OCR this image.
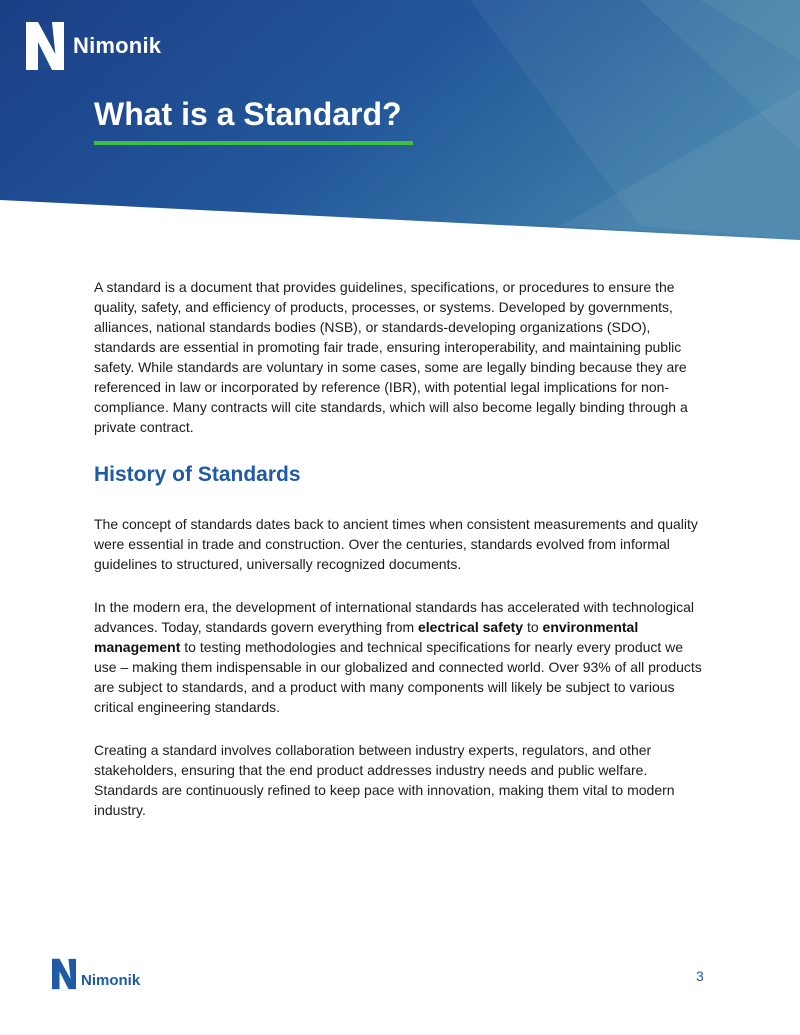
Nimonik
What is a Standard?

A standard is a document that provides guidelines, specifications, or procedures to ensure the quality, safety, and efficiency of products, processes, or systems. Developed by governments, alliances, national standards bodies (NSB), or standards-developing organizations (SDO), standards are essential in promoting fair trade, ensuring interoperability, and maintaining public safety. While standards are voluntary in some cases, some are legally binding because they are referenced in law or incorporated by reference (IBR), with potential legal implications for non-compliance. Many contracts will cite standards, which will also become legally binding through a private contract.

History of Standards

The concept of standards dates back to ancient times when consistent measurements and quality were essential in trade and construction. Over the centuries, standards evolved from informal guidelines to structured, universally recognized documents.

In the modern era, the development of international standards has accelerated with technological advances. Today, standards govern everything from electrical safety to environmental management to testing methodologies and technical specifications for nearly every product we use – making them indispensable in our globalized and connected world. Over 93% of all products are subject to standards, and a product with many components will likely be subject to various critical engineering standards.

Creating a standard involves collaboration between industry experts, regulators, and other stakeholders, ensuring that the end product addresses industry needs and public welfare. Standards are continuously refined to keep pace with innovation, making them vital to modern industry.

Nimonik	3
